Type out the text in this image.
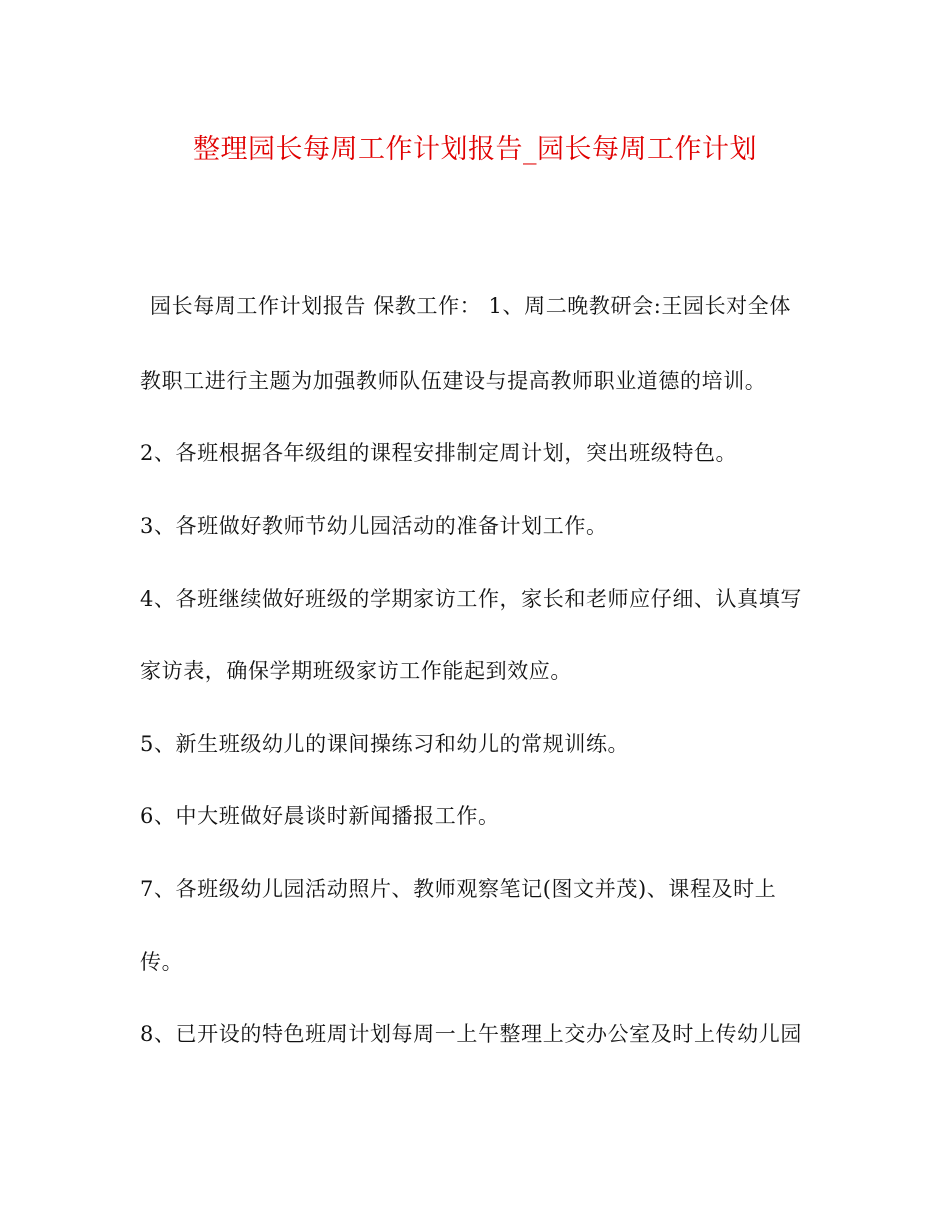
整理园长每周工作计划报告_园长每周工作计划
园长每周工作计划报告 保教工作： 1、周二晚教研会:王园长对全体
教职工进行主题为加强教师队伍建设与提高教师职业道德的培训。
2、各班根据各年级组的课程安排制定周计划，突出班级特色。
3、各班做好教师节幼儿园活动的准备计划工作。
4、各班继续做好班级的学期家访工作，家长和老师应仔细、认真填写
家访表，确保学期班级家访工作能起到效应。
5、新生班级幼儿的课间操练习和幼儿的常规训练。
6、中大班做好晨谈时新闻播报工作。
7、各班级幼儿园活动照片、教师观察笔记(图文并茂)、课程及时上
传。
8、已开设的特色班周计划每周一上午整理上交办公室及时上传幼儿园
